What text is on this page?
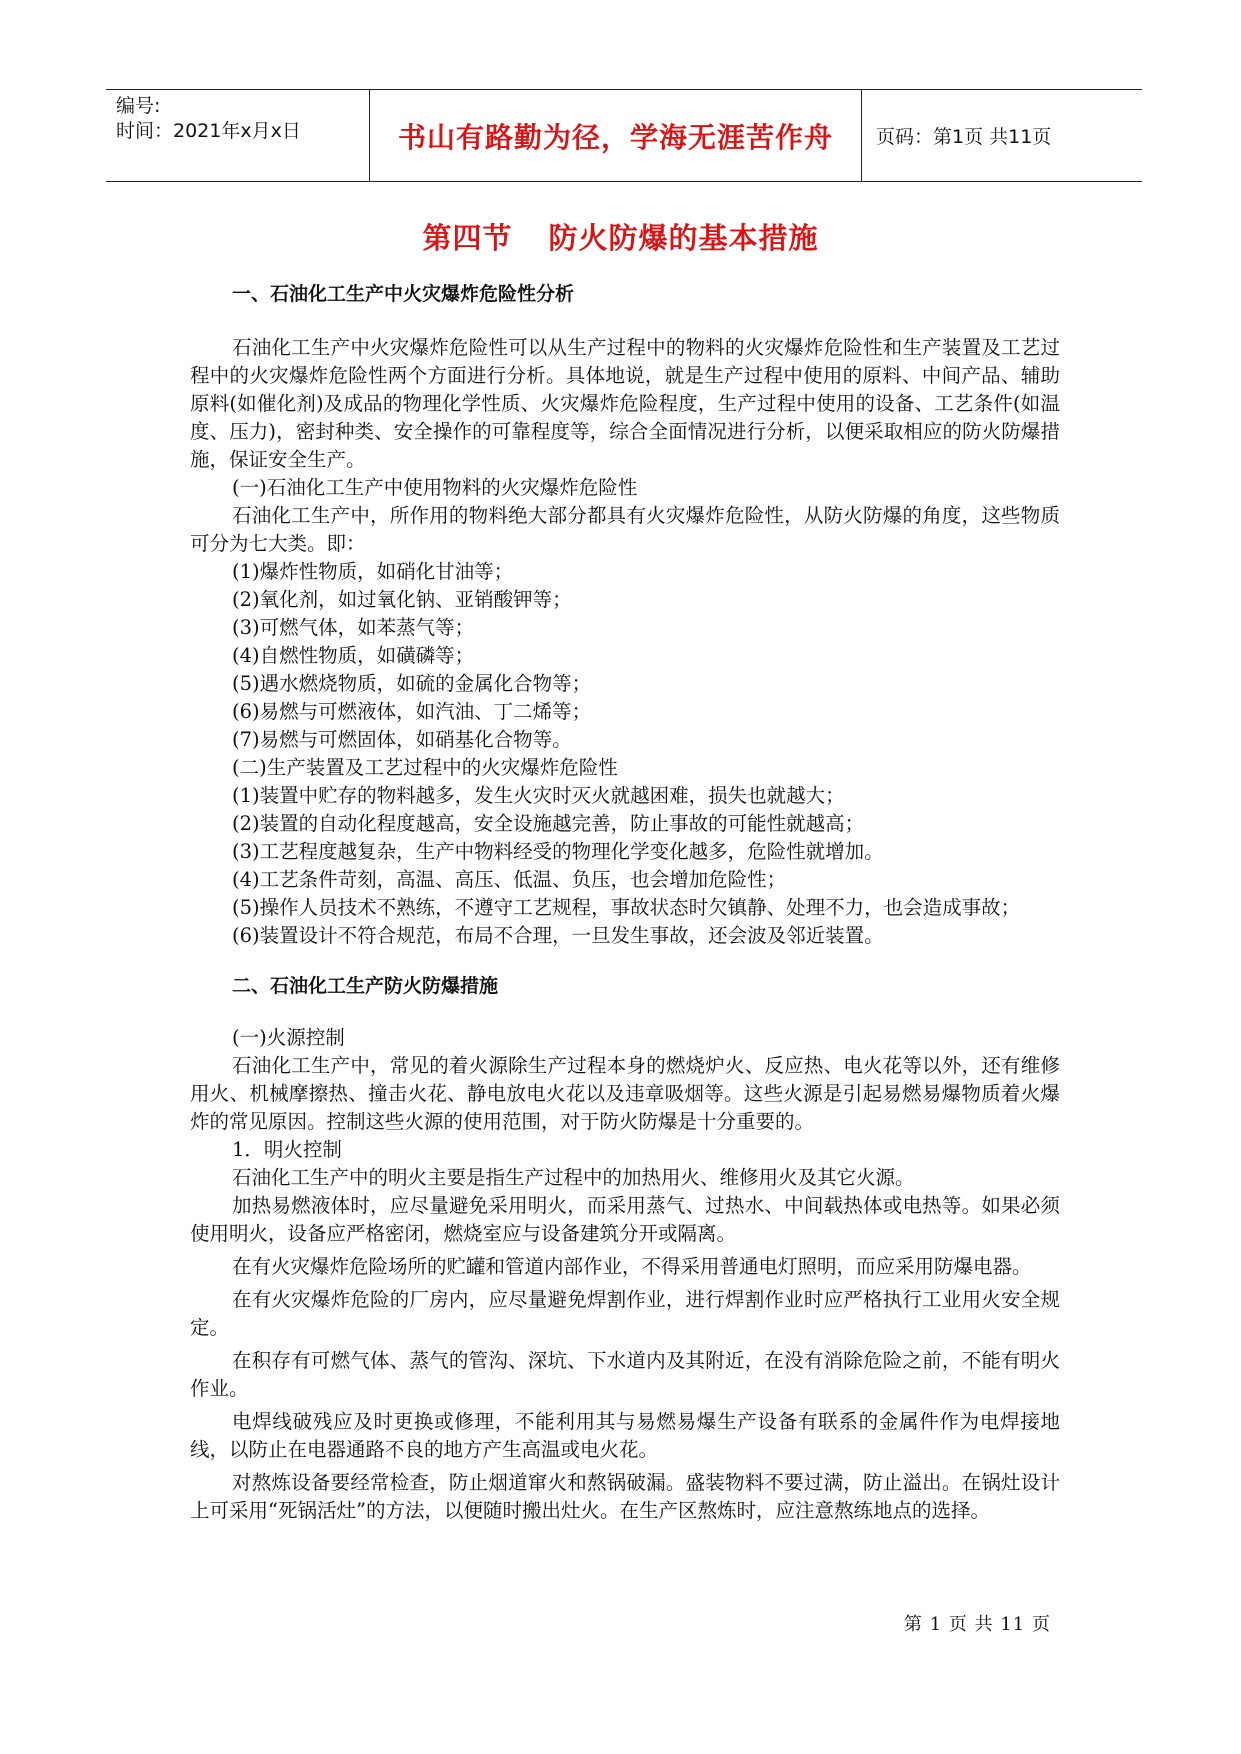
编号:
时间：2021年x月x日	书山有路勤为径，学海无涯苦作舟	页码：第1页 共11页
第四节 防火防爆的基本措施
一、石油化工生产中火灾爆炸危险性分析

石油化工生产中火灾爆炸危险性可以从生产过程中的物料的火灾爆炸危险性和生产装置及工艺过程中的火灾爆炸危险性两个方面进行分析。具体地说，就是生产过程中使用的原料、中间产品、辅助原料(如催化剂)及成品的物理化学性质、火灾爆炸危险程度，生产过程中使用的设备、工艺条件(如温度、压力)，密封种类、安全操作的可靠程度等，综合全面情况进行分析，以便采取相应的防火防爆措施，保证安全生产。

(一)石油化工生产中使用物料的火灾爆炸危险性

石油化工生产中，所作用的物料绝大部分都具有火灾爆炸危险性，从防火防爆的角度，这些物质可分为七大类。即：

(1)爆炸性物质，如硝化甘油等；

(2)氧化剂，如过氧化钠、亚销酸钾等；

(3)可燃气体，如苯蒸气等；

(4)自燃性物质，如磺磷等；

(5)遇水燃烧物质，如硫的金属化合物等；

(6)易燃与可燃液体，如汽油、丁二烯等；

(7)易燃与可燃固体，如硝基化合物等。

(二)生产装置及工艺过程中的火灾爆炸危险性

(1)装置中贮存的物料越多，发生火灾时灭火就越困难，损失也就越大；

(2)装置的自动化程度越高，安全设施越完善，防止事故的可能性就越高；

(3)工艺程度越复杂，生产中物料经受的物理化学变化越多，危险性就增加。

(4)工艺条件苛刻，高温、高压、低温、负压，也会增加危险性；

(5)操作人员技术不熟练，不遵守工艺规程，事故状态时欠镇静、处理不力，也会造成事故；

(6)装置设计不符合规范，布局不合理，一旦发生事故，还会波及邻近装置。

二、石油化工生产防火防爆措施

(一)火源控制

石油化工生产中，常见的着火源除生产过程本身的燃烧炉火、反应热、电火花等以外，还有维修用火、机械摩擦热、撞击火花、静电放电火花以及违章吸烟等。这些火源是引起易燃易爆物质着火爆炸的常见原因。控制这些火源的使用范围，对于防火防爆是十分重要的。

1．明火控制

石油化工生产中的明火主要是指生产过程中的加热用火、维修用火及其它火源。

加热易燃液体时，应尽量避免采用明火，而采用蒸气、过热水、中间载热体或电热等。如果必须使用明火，设备应严格密闭，燃烧室应与设备建筑分开或隔离。

在有火灾爆炸危险场所的贮罐和管道内部作业，不得采用普通电灯照明，而应采用防爆电器。

在有火灾爆炸危险的厂房内，应尽量避免焊割作业，进行焊割作业时应严格执行工业用火安全规定。

在积存有可燃气体、蒸气的管沟、深坑、下水道内及其附近，在没有消除危险之前，不能有明火作业。

电焊线破残应及时更换或修理，不能利用其与易燃易爆生产设备有联系的金属件作为电焊接地线，以防止在电器通路不良的地方产生高温或电火花。

对熬炼设备要经常检查，防止烟道窜火和熬锅破漏。盛装物料不要过满，防止溢出。在锅灶设计上可采用“死锅活灶”的方法，以便随时搬出灶火。在生产区熬炼时，应注意熬练地点的选择。

第 1 页 共 11 页
